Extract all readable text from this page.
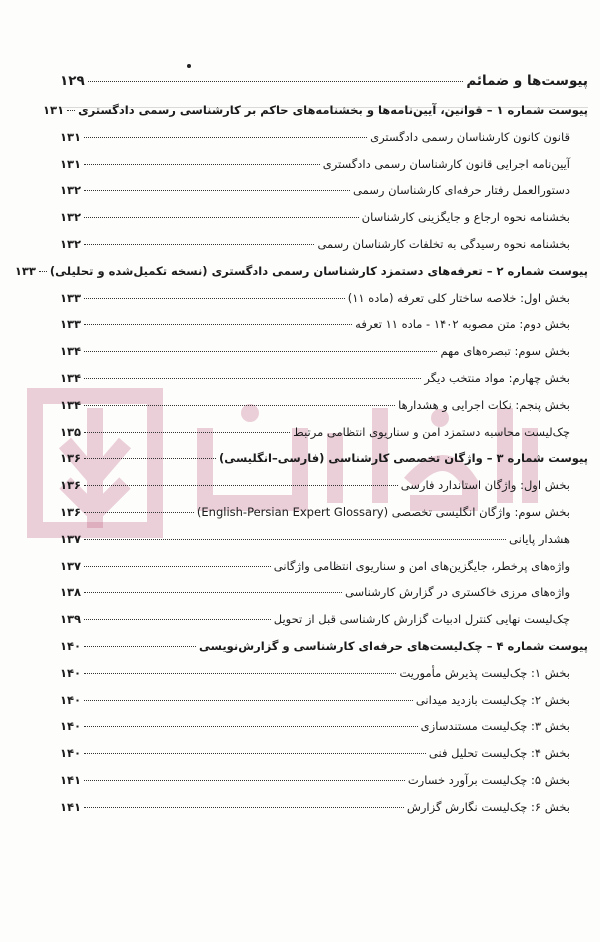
پیوست‌ها و ضمائم
۱۲۹
پیوست شماره ۱ – قوانین، آیین‌نامه‌ها و بخشنامه‌های حاکم بر کارشناسی رسمی دادگستری
۱۳۱
قانون کانون کارشناسان رسمی دادگستری
۱۳۱
آیین‌نامه اجرایی قانون کارشناسان رسمی دادگستری
۱۳۱
دستورالعمل رفتار حرفه‌ای کارشناسان رسمی
۱۳۲
بخشنامه نحوه ارجاع و جایگزینی کارشناسان
۱۳۲
بخشنامه نحوه رسیدگی به تخلفات کارشناسان رسمی
۱۳۲
پیوست شماره ۲ – تعرفه‌های دستمزد کارشناسان رسمی دادگستری (نسخه تکمیل‌شده و تحلیلی)
۱۳۳
بخش اول: خلاصه ساختار کلی تعرفه (ماده ۱۱)
۱۳۳
بخش دوم: متن مصوبه ۱۴۰۲ - ماده ۱۱ تعرفه
۱۳۳
بخش سوم: تبصره‌های مهم
۱۳۴
بخش چهارم: مواد منتخب دیگر
۱۳۴
بخش پنجم: نکات اجرایی و هشدارها
۱۳۴
چک‌لیست محاسبه دستمزد امن و سناریوی انتظامی مرتبط
۱۳۵
پیوست شماره ۳ – واژگان تخصصی کارشناسی (فارسی–انگلیسی)
۱۳۶
بخش اول: واژگان استاندارد فارسی
۱۳۶
بخش سوم: واژگان انگلیسی تخصصی (English-Persian Expert Glossary)
۱۳۶
هشدار پایانی
۱۳۷
واژه‌های پرخطر، جایگزین‌های امن و سناریوی انتظامی واژگانی
۱۳۷
واژه‌های مرزی خاکستری در گزارش کارشناسی
۱۳۸
چک‌لیست نهایی کنترل ادبیات گزارش کارشناسی قبل از تحویل
۱۳۹
پیوست شماره ۴ – چک‌لیست‌های حرفه‌ای کارشناسی و گزارش‌نویسی
۱۴۰
بخش ۱: چک‌لیست پذیرش مأموریت
۱۴۰
بخش ۲: چک‌لیست بازدید میدانی
۱۴۰
بخش ۳: چک‌لیست مستندسازی
۱۴۰
بخش ۴: چک‌لیست تحلیل فنی
۱۴۰
بخش ۵: چک‌لیست برآورد خسارت
۱۴۱
بخش ۶: چک‌لیست نگارش گزارش
۱۴۱
